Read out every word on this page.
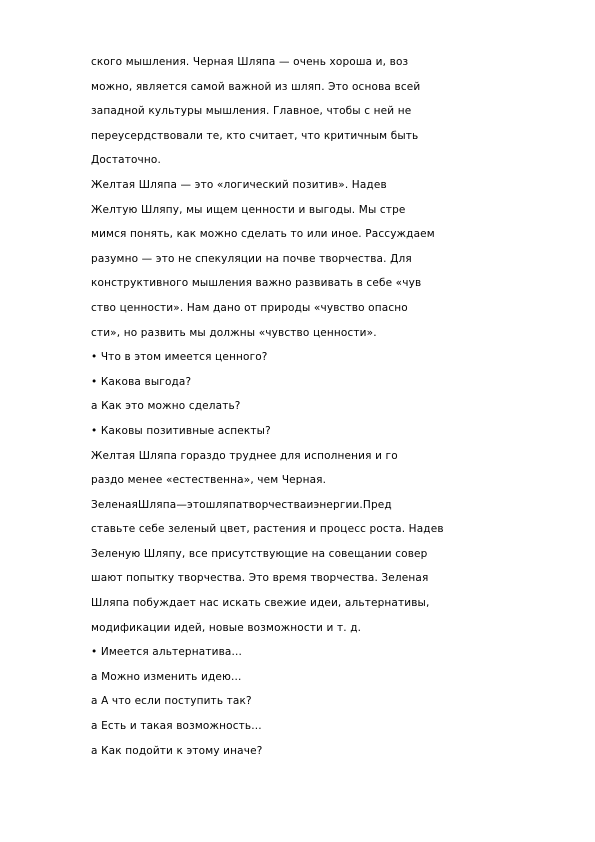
ского мышления. Черная Шляпа — очень хороша и, воз
можно, является самой важной из шляп. Это основа всей
западной культуры мышления. Главное, чтобы с ней не
переусердствовали те, кто считает, что критичным быть
Достаточно.
Желтая Шляпа — это «логический позитив». Надев
Желтую Шляпу, мы ищем ценности и выгоды. Мы стре
мимся понять, как можно сделать то или иное. Рассуждаем
разумно — это не спекуляции на почве творчества. Для
конструктивного мышления важно развивать в себе «чув
ство ценности». Нам дано от природы «чувство опасно
сти», но развить мы должны «чувство ценности».
• Что в этом имеется ценного?
• Какова выгода?
а Как это можно сделать?
• Каковы позитивные аспекты?
Желтая Шляпа гораздо труднее для исполнения и го
раздо менее «естественна», чем Черная.
ЗеленаяШляпа—этошляпатворчестваиэнергии.Пред
ставьте себе зеленый цвет, растения и процесс роста. Надев
Зеленую Шляпу, все присутствующие на совещании совер
шают попытку творчества. Это время творчества. Зеленая
Шляпа побуждает нас искать свежие идеи, альтернативы,
модификации идей, новые возможности и т. д.
• Имеется альтернатива...
а Можно изменить идею...
а А что если поступить так?
а Есть и такая возможность...
а Как подойти к этому иначе?
